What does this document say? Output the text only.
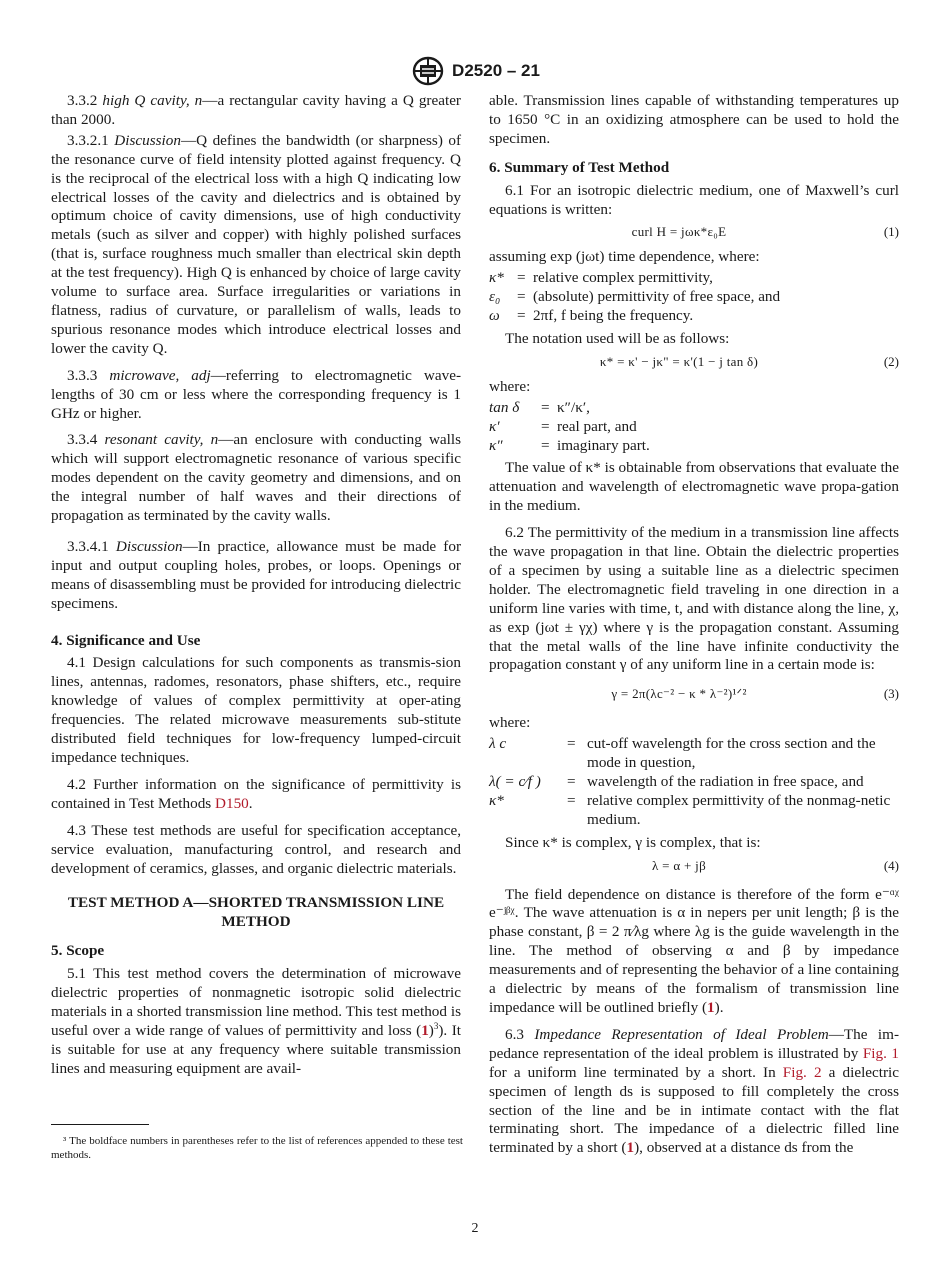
D2520 – 21

3.3.2 high Q cavity, n—a rectangular cavity having a Q greater than 2000.

3.3.2.1 Discussion—Q defines the bandwidth (or sharpness) of the resonance curve of field intensity plotted against frequency. Q is the reciprocal of the electrical loss with a high Q indicating low electrical losses of the cavity and dielectrics and is obtained by optimum choice of cavity dimensions, use of high conductivity metals (such as silver and copper) with highly polished surfaces (that is, surface roughness much smaller than electrical skin depth at the test frequency). High Q is enhanced by choice of large cavity volume to surface area. Surface irregularities or variations in flatness, radius of curvature, or parallelism of walls, leads to spurious resonance modes which introduce electrical losses and lower the cavity Q.

3.3.3 microwave, adj—referring to electromagnetic wave-lengths of 30 cm or less where the corresponding frequency is 1 GHz or higher.

3.3.4 resonant cavity, n—an enclosure with conducting walls which will support electromagnetic resonance of various specific modes dependent on the cavity geometry and dimensions, and on the integral number of half waves and their directions of propagation as terminated by the cavity walls.

3.3.4.1 Discussion—In practice, allowance must be made for input and output coupling holes, probes, or loops. Openings or means of disassembling must be provided for introducing dielectric specimens.

4. Significance and Use

4.1 Design calculations for such components as transmis-sion lines, antennas, radomes, resonators, phase shifters, etc., require knowledge of values of complex permittivity at oper-ating frequencies. The related microwave measurements sub-stitute distributed field techniques for low-frequency lumped-circuit impedance techniques.

4.2 Further information on the significance of permittivity is contained in Test Methods D150.

4.3 These test methods are useful for specification acceptance, service evaluation, manufacturing control, and research and development of ceramics, glasses, and organic dielectric materials.

TEST METHOD A—SHORTED TRANSMISSION LINE METHOD
5. Scope

5.1 This test method covers the determination of microwave dielectric properties of nonmagnetic isotropic solid dielectric materials in a shorted transmission line method. This test method is useful over a wide range of values of permittivity and loss $(1)^3$). It is suitable for use at any frequency where suitable transmission lines and measuring equipment are avail-

³ The boldface numbers in parentheses refer to the list of references appended to these test methods.

able. Transmission lines capable of withstanding temperatures up to 1650 °C in an oxidizing atmosphere can be used to hold the specimen.

6. Summary of Test Method

6.1 For an isotropic dielectric medium, one of Maxwell’s curl equations is written:

curl H = jωκ*ε₀E	(1)

assuming exp (jωt) time dependence, where:

κ* = relative complex permittivity,
ε₀	= (absolute) permittivity of free space, and
ω	= 2πf, f being the frequency.

The notation used will be as follows:

κ* = κ' − jκ" = κ'(1 − j tan δ)	(2)

where:

tan δ	= κ″/κ′,
κ′	= real part, and
κ″	= imaginary part.

The value of κ* is obtainable from observations that evaluate the attenuation and wavelength of electromagnetic wave propa-gation in the medium.

6.2 The permittivity of the medium in a transmission line affects the wave propagation in that line. Obtain the dielectric properties of a specimen by using a suitable line as a dielectric specimen holder. The electromagnetic field traveling in one direction in a uniform line varies with time, t, and with distance along the line, χ, as exp (jωt ± γχ) where γ is the propagation constant. Assuming that the metal walls of the line have infinite conductivity the propagation constant γ of any uniform line in a certain mode is:

γ = 2π(λc⁻² − κ * λ⁻²)¹ᐟ²	(3)

where:

λ c	= cut-off wavelength for the cross section and the mode in question,
λ( = c⁄f )	= wavelength of the radiation in free space, and
κ*	= relative complex permittivity of the nonmag-netic medium.

Since κ* is complex, γ is complex, that is:

λ = α + jβ	(4)

The field dependence on distance is therefore of the form e⁻ᵅᵡ e⁻ʲᵝᵡ. The wave attenuation is α in nepers per unit length; β is the phase constant, β = 2 π⁄λg where λg is the guide wavelength in the line. The method of observing α and β by impedance measurements and of representing the behavior of a line containing a dielectric by means of the formalism of transmission line impedance will be outlined briefly (1).

6.3 Impedance Representation of Ideal Problem—The im-pedance representation of the ideal problem is illustrated by Fig. 1 for a uniform line terminated by a short. In Fig. 2 a dielectric specimen of length ds is supposed to fill completely the cross section of the line and be in intimate contact with the flat terminating short. The impedance of a dielectric filled line terminated by a short (1), observed at a distance ds from the

2
